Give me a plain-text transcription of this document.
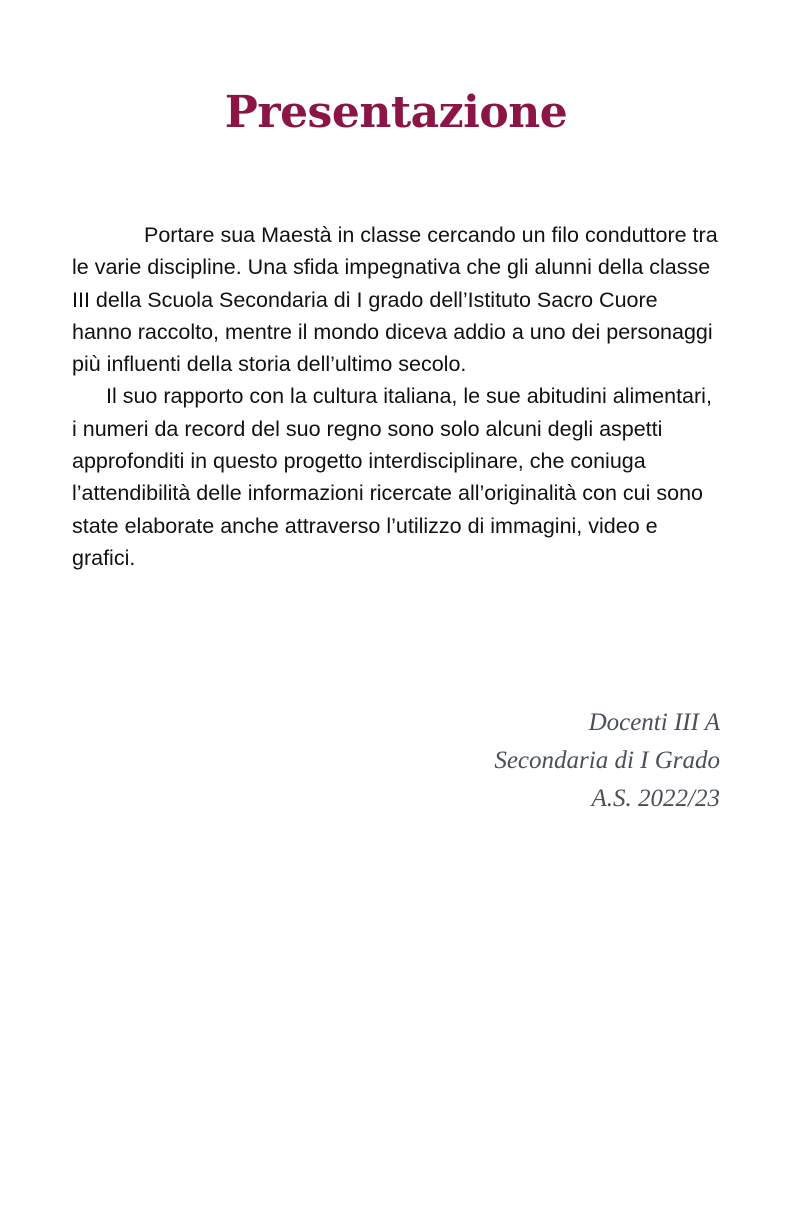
Presentazione

Portare sua Maestà in classe cercando un filo conduttore tra le varie discipline. Una sfida impegnativa che gli alunni della classe III della Scuola Secondaria di I grado dell’Istituto Sacro Cuore hanno raccolto, mentre il mondo diceva addio a uno dei personaggi più influenti della storia dell’ultimo secolo.

Il suo rapporto con la cultura italiana, le sue abitudini alimentari, i numeri da record del suo regno sono solo alcuni degli aspetti approfonditi in questo progetto interdisciplinare, che coniuga l’attendibilità delle informazioni ricercate all’originalità con cui sono state elaborate anche attraverso l’utilizzo di immagini, video e grafici.

Docenti III A
Secondaria di I Grado
A.S. 2022/23
